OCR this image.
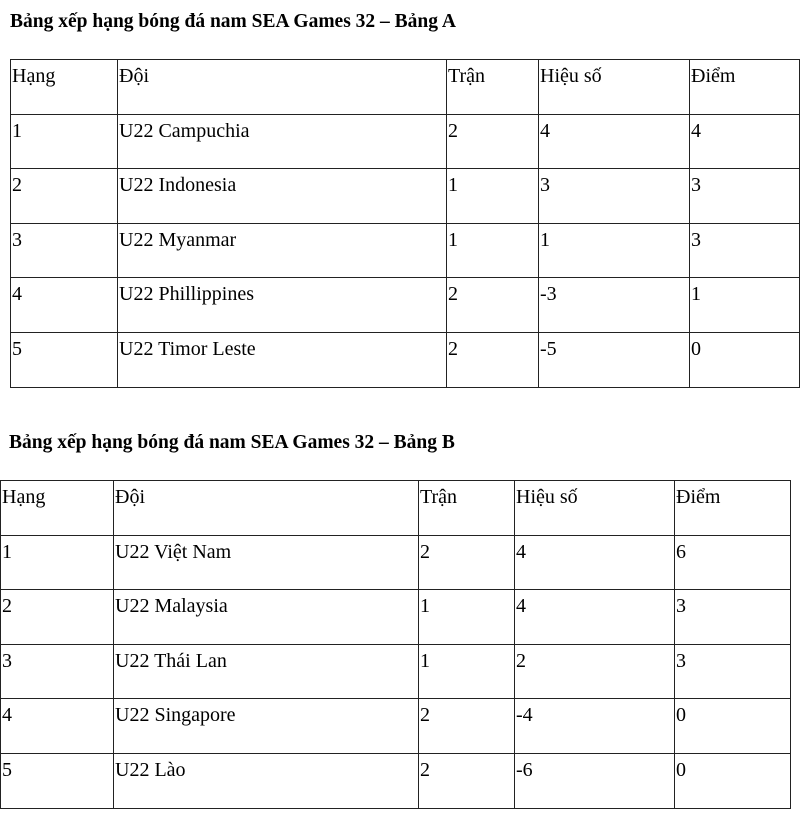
Bảng xếp hạng bóng đá nam SEA Games 32 – Bảng A
Hạng	Đội	Trận	Hiệu số	Điểm
1	U22 Campuchia	2	4	4
2	U22 Indonesia	1	3	3
3	U22 Myanmar	1	1	3
4	U22 Phillippines	2	-3	1
5	U22 Timor Leste	2	-5	0
Bảng xếp hạng bóng đá nam SEA Games 32 – Bảng B
Hạng	Đội	Trận	Hiệu số	Điểm
1	U22 Việt Nam	2	4	6
2	U22 Malaysia	1	4	3
3	U22 Thái Lan	1	2	3
4	U22 Singapore	2	-4	0
5	U22 Lào	2	-6	0
